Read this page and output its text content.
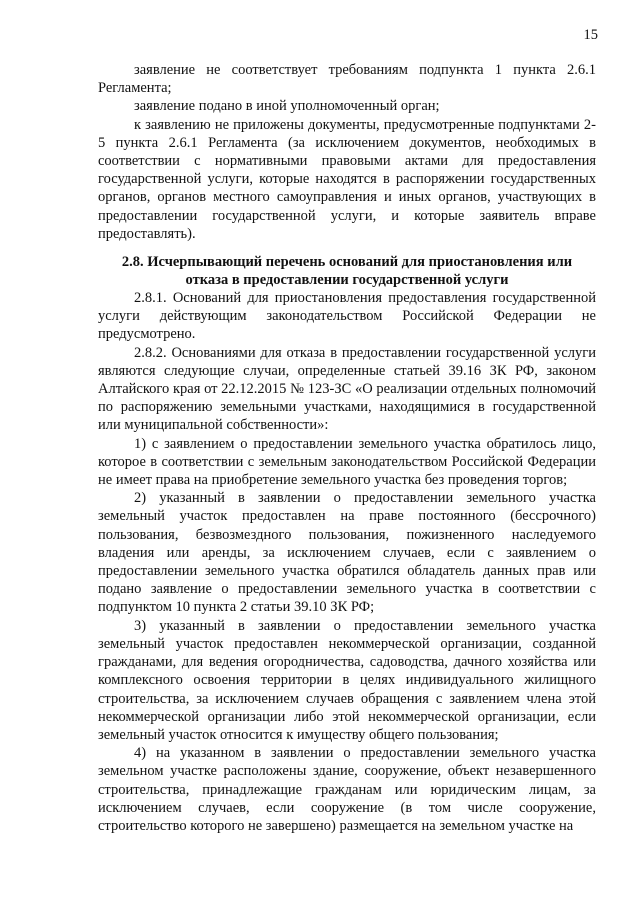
15

заявление не соответствует требованиям подпункта 1 пункта 2.6.1 Регламента;

заявление подано в иной уполномоченный орган;

к заявлению не приложены документы, предусмотренные подпунктами 2-5 пункта 2.6.1 Регламента (за исключением документов, необходимых в соответствии с нормативными правовыми актами для предоставления государственной услуги, которые находятся в распоряжении государственных органов, органов местного самоуправления и иных органов, участвующих в предоставлении государственной услуги, и которые заявитель вправе предоставлять).

2.8. Исчерпывающий перечень оснований для приостановления или отказа в предоставлении государственной услуги

2.8.1. Оснований для приостановления предоставления государственной услуги действующим законодательством Российской Федерации не предусмотрено.

2.8.2. Основаниями для отказа в предоставлении государственной услуги являются следующие случаи, определенные статьей 39.16 ЗК РФ, законом Алтайского края от 22.12.2015 № 123-ЗС «О реализации отдельных полномочий по распоряжению земельными участками, находящимися в государственной или муниципальной собственности»:

1) с заявлением о предоставлении земельного участка обратилось лицо, которое в соответствии с земельным законодательством Российской Федерации не имеет права на приобретение земельного участка без проведения торгов;

2) указанный в заявлении о предоставлении земельного участка земельный участок предоставлен на праве постоянного (бессрочного) пользования, безвозмездного пользования, пожизненного наследуемого владения или аренды, за исключением случаев, если с заявлением о предоставлении земельного участка обратился обладатель данных прав или подано заявление о предоставлении земельного участка в соответствии с подпунктом 10 пункта 2 статьи 39.10 ЗК РФ;

3) указанный в заявлении о предоставлении земельного участка земельный участок предоставлен некоммерческой организации, созданной гражданами, для ведения огородничества, садоводства, дачного хозяйства или комплексного освоения территории в целях индивидуального жилищного строительства, за исключением случаев обращения с заявлением члена этой некоммерческой организации либо этой некоммерческой организации, если земельный участок относится к имуществу общего пользования;

4) на указанном в заявлении о предоставлении земельного участка земельном участке расположены здание, сооружение, объект незавершенного строительства, принадлежащие гражданам или юридическим лицам, за исключением случаев, если сооружение (в том числе сооружение, строительство которого не завершено) размещается на земельном участке на
